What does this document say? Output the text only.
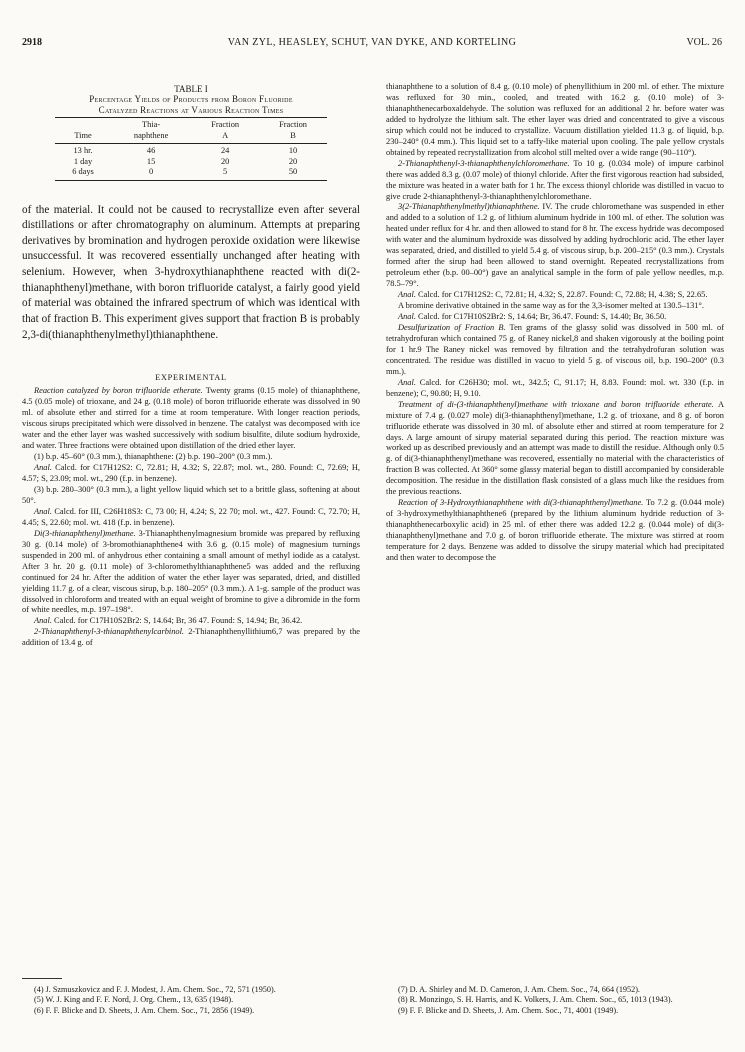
2918	VAN ZYL, HEASLEY, SCHUT, VAN DYKE, AND KORTELING	VOL. 26

TABLE I

Percentage Yields of Products from Boron Fluoride

Catalyzed Reactions at Various Reaction Times

	Thia-	Fraction	Fraction
Time	naphthene	A	B
13 hr.	46	24	10
1 day	15	20	20
6 days	0	5	50

of the material. It could not be caused to recrystallize even after several distillations or after chromatography on aluminum. Attempts at preparing derivatives by bromination and hydrogen peroxide oxidation were likewise unsuccessful. It was recovered essentially unchanged after heating with selenium. However, when 3-hydroxythianaphthene reacted with di(2-thianaphthenyl)methane, with boron trifluoride catalyst, a fairly good yield of material was obtained the infrared spectrum of which was identical with that of fraction B. This experiment gives support that fraction B is probably 2,3-di(thianaphthenylmethyl)thianaphthene.

EXPERIMENTAL

Reaction catalyzed by boron trifluoride etherate. Twenty grams (0.15 mole) of thianaphthene, 4.5 (0.05 mole) of trioxane, and 24 g. (0.18 mole) of boron trifluoride etherate was dissolved in 90 ml. of absolute ether and stirred for a time at room temperature. With longer reaction periods, viscous sirups precipitated which were dissolved in benzene. The catalyst was decomposed with ice water and the ether layer was washed successively with sodium bisulfite, dilute sodium hydroxide, and water. Three fractions were obtained upon distillation of the dried ether layer.

(1) b.p. 45–60° (0.3 mm.), thianaphthene: (2) b.p. 190–200° (0.3 mm.).

Anal. Calcd. for C17H12S2: C, 72.81; H, 4.32; S, 22.87; mol. wt., 280. Found: C, 72.69; H, 4.57; S, 23.09; mol. wt., 290 (f.p. in benzene).

(3) b.p. 280–300° (0.3 mm.), a light yellow liquid which set to a brittle glass, softening at about 50°.

Anal. Calcd. for III, C26H18S3: C, 73 00; H, 4.24; S, 22 70; mol. wt., 427. Found: C, 72.70; H, 4.45; S, 22.60; mol. wt. 418 (f.p. in benzene).

Di(3-thianaphthenyl)methane. 3-Thianaphthenylmagnesium bromide was prepared by refluxing 30 g. (0.14 mole) of 3-bromothianaphthene4 with 3.6 g. (0.15 mole) of magnesium turnings suspended in 200 ml. of anhydrous ether containing a small amount of methyl iodide as a catalyst. After 3 hr. 20 g. (0.11 mole) of 3-chloromethylthianaphthene5 was added and the refluxing continued for 24 hr. After the addition of water the ether layer was separated, dried, and distilled yielding 11.7 g. of a clear, viscous sirup, b.p. 180–205° (0.3 mm.). A 1-g. sample of the product was dissolved in chloroform and treated with an equal weight of bromine to give a dibromide in the form of white needles, m.p. 197–198°.

Anal. Calcd. for C17H10S2Br2: S, 14.64; Br, 36 47. Found: S, 14.94; Br, 36.42.

2-Thianaphthenyl-3-thianaphthenylcarbinol. 2-Thianaphthenyllithium6,7 was prepared by the addition of 13.4 g. of

thianaphthene to a solution of 8.4 g. (0.10 mole) of phenyllithium in 200 ml. of ether. The mixture was refluxed for 30 min., cooled, and treated with 16.2 g. (0.10 mole) of 3-thianaphthenecarboxaldehyde. The solution was refluxed for an additional 2 hr. before water was added to hydrolyze the lithium salt. The ether layer was dried and concentrated to give a viscous sirup which could not be induced to crystallize. Vacuum distillation yielded 11.3 g. of liquid, b.p. 230–240° (0.4 mm.). This liquid set to a taffy-like material upon cooling. The pale yellow crystals obtained by repeated recrystallization from alcohol still melted over a wide range (90–110°).

2-Thianaphthenyl-3-thianaphthenylchloromethane. To 10 g. (0.034 mole) of impure carbinol there was added 8.3 g. (0.07 mole) of thionyl chloride. After the first vigorous reaction had subsided, the mixture was heated in a water bath for 1 hr. The excess thionyl chloride was distilled in vacuo to give crude 2-thianaphthenyl-3-thianaphthenylchloromethane.

3(2-Thianaphthenylmethyl)thianaphthene. IV. The crude chloromethane was suspended in ether and added to a solution of 1.2 g. of lithium aluminum hydride in 100 ml. of ether. The solution was heated under reflux for 4 hr. and then allowed to stand for 8 hr. The excess hydride was decomposed with water and the aluminum hydroxide was dissolved by adding hydrochloric acid. The ether layer was separated, dried, and distilled to yield 5.4 g. of viscous sirup, b.p. 200–215° (0.3 mm.). Crystals formed after the sirup had been allowed to stand overnight. Repeated recrystallizations from petroleum ether (b.p. 00–00°) gave an analytical sample in the form of pale yellow needles, m.p. 78.5–79°.

Anal. Calcd. for C17H12S2: C, 72.81; H, 4.32; S, 22.87. Found: C, 72.88; H, 4.38; S, 22.65.

A bromine derivative obtained in the same way as for the 3,3-isomer melted at 130.5–131°.

Anal. Calcd. for C17H10S2Br2: S, 14.64; Br, 36.47. Found: S, 14.40; Br, 36.50.

Desulfurization of Fraction B. Ten grams of the glassy solid was dissolved in 500 ml. of tetrahydrofuran which contained 75 g. of Raney nickel,8 and shaken vigorously at the boiling point for 1 hr.9 The Raney nickel was removed by filtration and the tetrahydrofuran solution was concentrated. The residue was distilled in vacuo to yield 5 g. of viscous oil, b.p. 190–200° (0.3 mm.).

Anal. Calcd. for C26H30; mol. wt., 342.5; C, 91.17; H, 8.83. Found: mol. wt. 330 (f.p. in benzene); C, 90.80; H, 9.10.

Treatment of di-(3-thianaphthenyl)methane with trioxane and boron trifluoride etherate. A mixture of 7.4 g. (0.027 mole) di(3-thianaphthenyl)methane, 1.2 g. of trioxane, and 8 g. of boron trifluoride etherate was dissolved in 30 ml. of absolute ether and stirred at room temperature for 2 days. A large amount of sirupy material separated during this period. The reaction mixture was worked up as described previously and an attempt was made to distill the residue. Although only 0.5 g. of di(3-thianaphthenyl)methane was recovered, essentially no material with the characteristics of fraction B was collected. At 360° some glassy material began to distill accompanied by considerable decomposition. The residue in the distillation flask consisted of a glass much like the residues from the previous reactions.

Reaction of 3-Hydroxythianaphthene with di(3-thianaphthenyl)methane. To 7.2 g. (0.044 mole) of 3-hydroxymethylthianaphthene6 (prepared by the lithium aluminum hydride reduction of 3-thianaphthenecarboxylic acid) in 25 ml. of ether there was added 12.2 g. (0.044 mole) of di(3-thianaphthenyl)methane and 7.0 g. of boron trifluoride etherate. The mixture was stirred at room temperature for 2 days. Benzene was added to dissolve the sirupy material which had precipitated and then water to decompose the

(4) J. Szmuszkovicz and F. J. Modest, J. Am. Chem. Soc., 72, 571 (1950).

(5) W. J. King and F. F. Nord, J. Org. Chem., 13, 635 (1948).

(6) F. F. Blicke and D. Sheets, J. Am. Chem. Soc., 71, 2856 (1949).

(7) D. A. Shirley and M. D. Cameron, J. Am. Chem. Soc., 74, 664 (1952).

(8) R. Monzingo, S. H. Harris, and K. Volkers, J. Am. Chem. Soc., 65, 1013 (1943).

(9) F. F. Blicke and D. Sheets, J. Am. Chem. Soc., 71, 4001 (1949).
